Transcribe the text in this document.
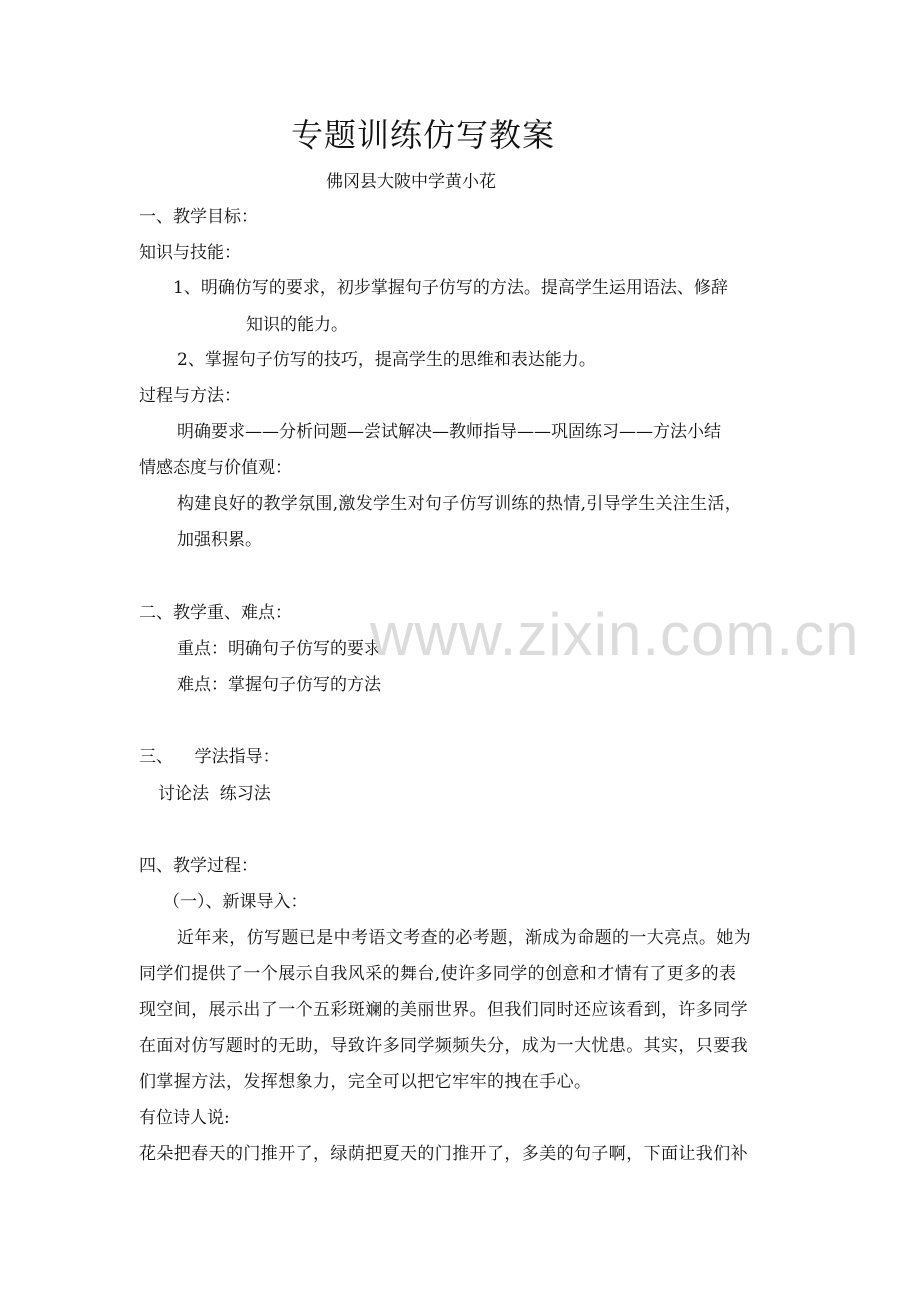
专题训练仿写教案
佛冈县大陂中学黄小花
一、教学目标：
知识与技能：
1、明确仿写的要求，初步掌握句子仿写的方法。提高学生运用语法、修辞
知识的能力。
2、掌握句子仿写的技巧，提高学生的思维和表达能力。
过程与方法：
明确要求——分析问题—尝试解决—教师指导——巩固练习——方法小结
情感态度与价值观：
构建良好的教学氛围,激发学生对句子仿写训练的热情,引导学生关注生活，
加强积累。
二、教学重、难点：
重点：明确句子仿写的要求
难点：掌握句子仿写的方法
三、    学法指导：
讨论法  练习法
四、教学过程：
（一）、新课导入：
近年来，仿写题已是中考语文考查的必考题，渐成为命题的一大亮点。她为
同学们提供了一个展示自我风采的舞台,使许多同学的创意和才情有了更多的表
现空间，展示出了一个五彩斑斓的美丽世界。但我们同时还应该看到，许多同学
在面对仿写题时的无助，导致许多同学频频失分，成为一大忧患。其实，只要我
们掌握方法，发挥想象力，完全可以把它牢牢的拽在手心。
有位诗人说:
花朵把春天的门推开了，绿荫把夏天的门推开了，多美的句子啊，下面让我们补
www.zixin.com.cn
